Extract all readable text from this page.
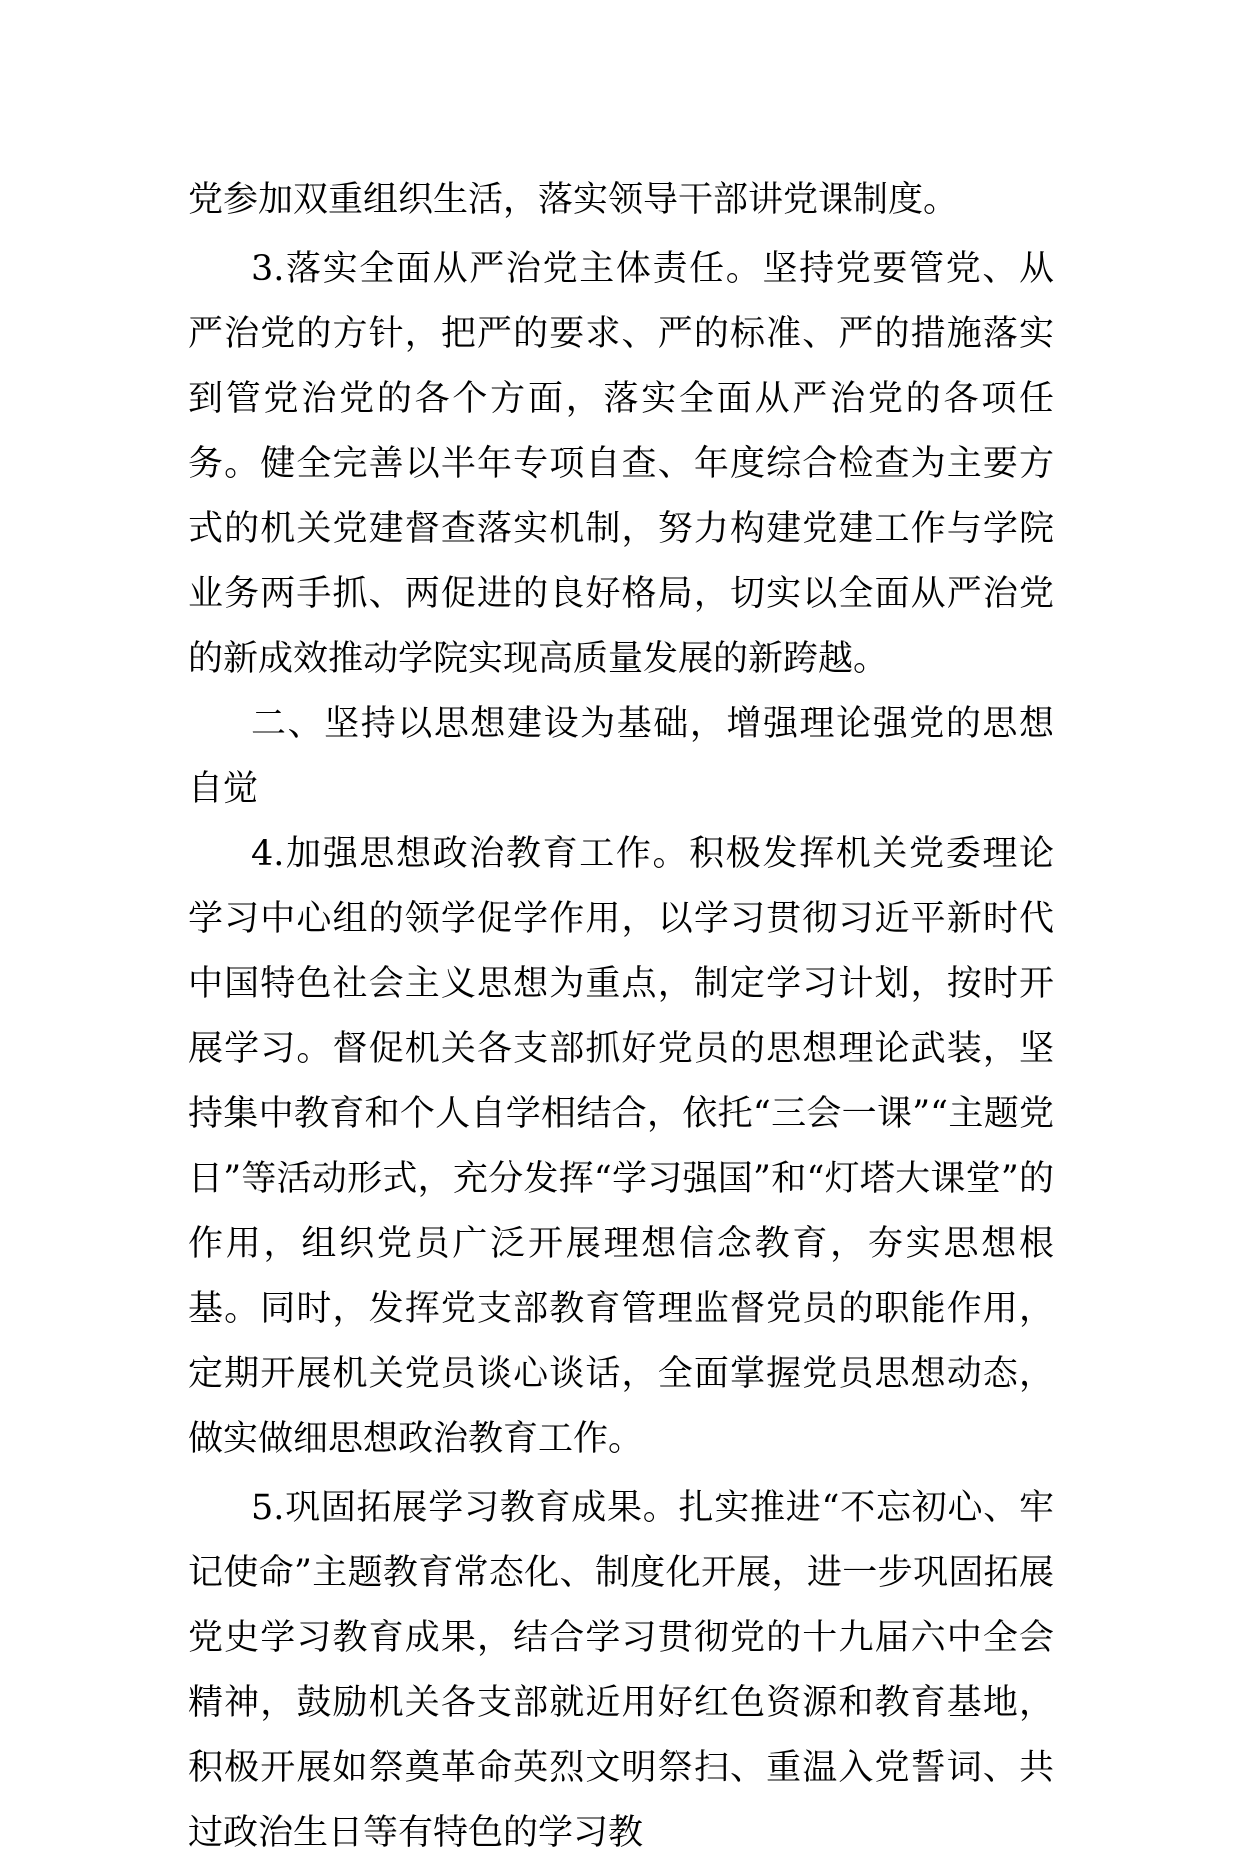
党参加双重组织生活，落实领导干部讲党课制度。

3.落实全面从严治党主体责任。坚持党要管党、从严治党的方针，把严的要求、严的标准、严的措施落实到管党治党的各个方面，落实全面从严治党的各项任务。健全完善以半年专项自查、年度综合检查为主要方式的机关党建督查落实机制，努力构建党建工作与学院业务两手抓、两促进的良好格局，切实以全面从严治党的新成效推动学院实现高质量发展的新跨越。

二、坚持以思想建设为基础，增强理论强党的思想自觉

4.加强思想政治教育工作。积极发挥机关党委理论学习中心组的领学促学作用，以学习贯彻习近平新时代中国特色社会主义思想为重点，制定学习计划，按时开展学习。督促机关各支部抓好党员的思想理论武装，坚持集中教育和个人自学相结合，依托“三会一课”“主题党日”等活动形式，充分发挥“学习强国”和“灯塔大课堂”的作用，组织党员广泛开展理想信念教育，夯实思想根基。同时，发挥党支部教育管理监督党员的职能作用，定期开展机关党员谈心谈话，全面掌握党员思想动态，做实做细思想政治教育工作。

5.巩固拓展学习教育成果。扎实推进“不忘初心、牢记使命”主题教育常态化、制度化开展，进一步巩固拓展党史学习教育成果，结合学习贯彻党的十九届六中全会精神，鼓励机关各支部就近用好红色资源和教育基地，积极开展如祭奠革命英烈文明祭扫、重温入党誓词、共过政治生日等有特色的学习教
